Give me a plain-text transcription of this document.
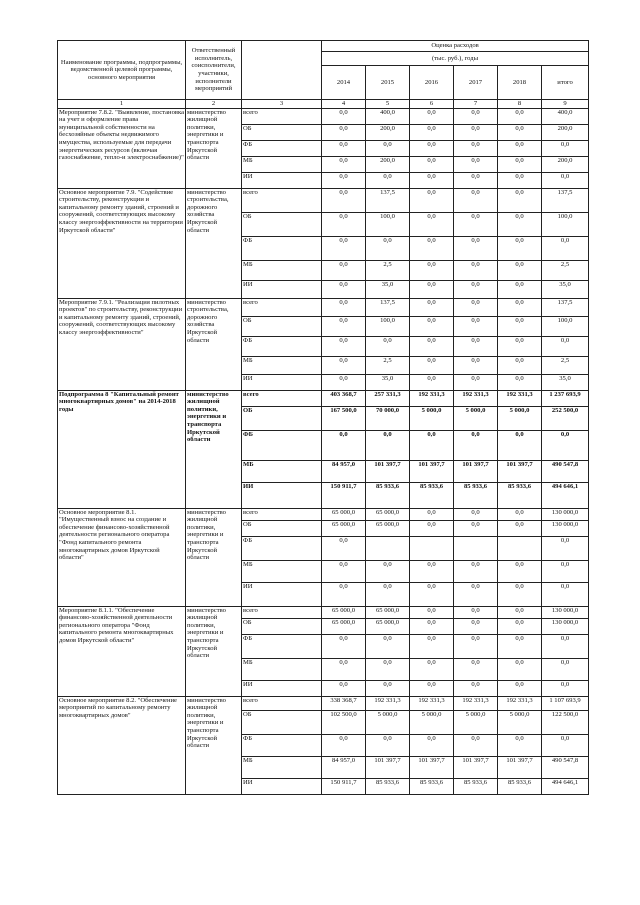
Наименование программы, подпрограммы, ведомственной целевой программы, основного мероприятия	Ответственный исполнитель, соисполнители, участники, исполнители мероприятий		Оценка расходов					
			(тыс. руб.), годы					
			2014	2015	2016	2017	2018	итого
1	2	3	4	5	6	7	8	9
Мероприятие 7.8.2. "Выявление, постановка на учет и оформление права муниципальной собственности на бесхозяйные объекты недвижимого имущества, используемые для передачи энергетических ресурсов (включая газоснабжение, тепло-и электроснабжение)"	министерство жилищной политики, энергетики и транспорта Иркутской области	всего	0,0	400,0	0,0	0,0	0,0	400,0
		ОБ	0,0	200,0	0,0	0,0	0,0	200,0
		ФБ	0,0	0,0	0,0	0,0	0,0	0,0
		МБ	0,0	200,0	0,0	0,0	0,0	200,0
		ИИ	0,0	0,0	0,0	0,0	0,0	0,0
Основное мероприятие 7.9. "Содействие строительству, реконструкции и капитальному ремонту зданий, строений и сооружений, соответствующих высокому классу энергоэффективности на территории Иркутской области"	министерство строительства, дорожного хозяйства Иркутской области	всего	0,0	137,5	0,0	0,0	0,0	137,5
		ОБ	0,0	100,0	0,0	0,0	0,0	100,0
		ФБ	0,0	0,0	0,0	0,0	0,0	0,0
		МБ	0,0	2,5	0,0	0,0	0,0	2,5
		ИИ	0,0	35,0	0,0	0,0	0,0	35,0
Мероприятие 7.9.1. "Реализация пилотных проектов" по строительству, реконструкции и капитальному ремонту зданий, строений, сооружений, соответствующих высокому классу энергоэффективности"	министерство строительства, дорожного хозяйства Иркутской области	всего	0,0	137,5	0,0	0,0	0,0	137,5
		ОБ	0,0	100,0	0,0	0,0	0,0	100,0
		ФБ	0,0	0,0	0,0	0,0	0,0	0,0
		МБ	0,0	2,5	0,0	0,0	0,0	2,5
		ИИ	0,0	35,0	0,0	0,0	0,0	35,0
Подпрограмма 8 "Капитальный ремонт многоквартирных домов" на 2014-2018 годы	министерство жилищной политики, энергетики и транспорта Иркутской области	всего	403 368,7	257 331,3	192 331,3	192 331,3	192 331,3	1 237 693,9
		ОБ	167 500,0	70 000,0	5 000,0	5 000,0	5 000,0	252 500,0
		ФБ	0,0	0,0	0,0	0,0	0,0	0,0
		МБ	84 957,0	101 397,7	101 397,7	101 397,7	101 397,7	490 547,8
		ИИ	150 911,7	85 933,6	85 933,6	85 933,6	85 933,6	494 646,1
Основное мероприятие 8.1. "Имущественный взнос на создание и обеспечение финансово-хозяйственной деятельности регионального оператора "Фонд капитального ремонта многоквартирных домов Иркутской области"	министерство жилищной политики, энергетики и транспорта Иркутской области	всего	65 000,0	65 000,0	0,0	0,0	0,0	130 000,0
		ОБ	65 000,0	65 000,0	0,0	0,0	0,0	130 000,0
		ФБ	0,0					0,0
		МБ	0,0	0,0	0,0	0,0	0,0	0,0
		ИИ	0,0	0,0	0,0	0,0	0,0	0,0
Мероприятие 8.1.1. "Обеспечение финансово-хозяйственной деятельности регионального оператора "Фонд капитального ремонта многоквартирных домов Иркутской области"	министерство жилищной политики, энергетики и транспорта Иркутской области	всего	65 000,0	65 000,0	0,0	0,0	0,0	130 000,0
		ОБ	65 000,0	65 000,0	0,0	0,0	0,0	130 000,0
		ФБ	0,0	0,0	0,0	0,0	0,0	0,0
		МБ	0,0	0,0	0,0	0,0	0,0	0,0
		ИИ	0,0	0,0	0,0	0,0	0,0	0,0
Основное мероприятие 8.2. "Обеспечение мероприятий по капитальному ремонту многоквартирных домов"	министерство жилищной политики, энергетики и транспорта Иркутской области	всего	338 368,7	192 331,3	192 331,3	192 331,3	192 331,3	1 107 693,9
		ОБ	102 500,0	5 000,0	5 000,0	5 000,0	5 000,0	122 500,0
		ФБ	0,0	0,0	0,0	0,0	0,0	0,0
		МБ	84 957,0	101 397,7	101 397,7	101 397,7	101 397,7	490 547,8
		ИИ	150 911,7	85 933,6	85 933,6	85 933,6	85 933,6	494 646,1
